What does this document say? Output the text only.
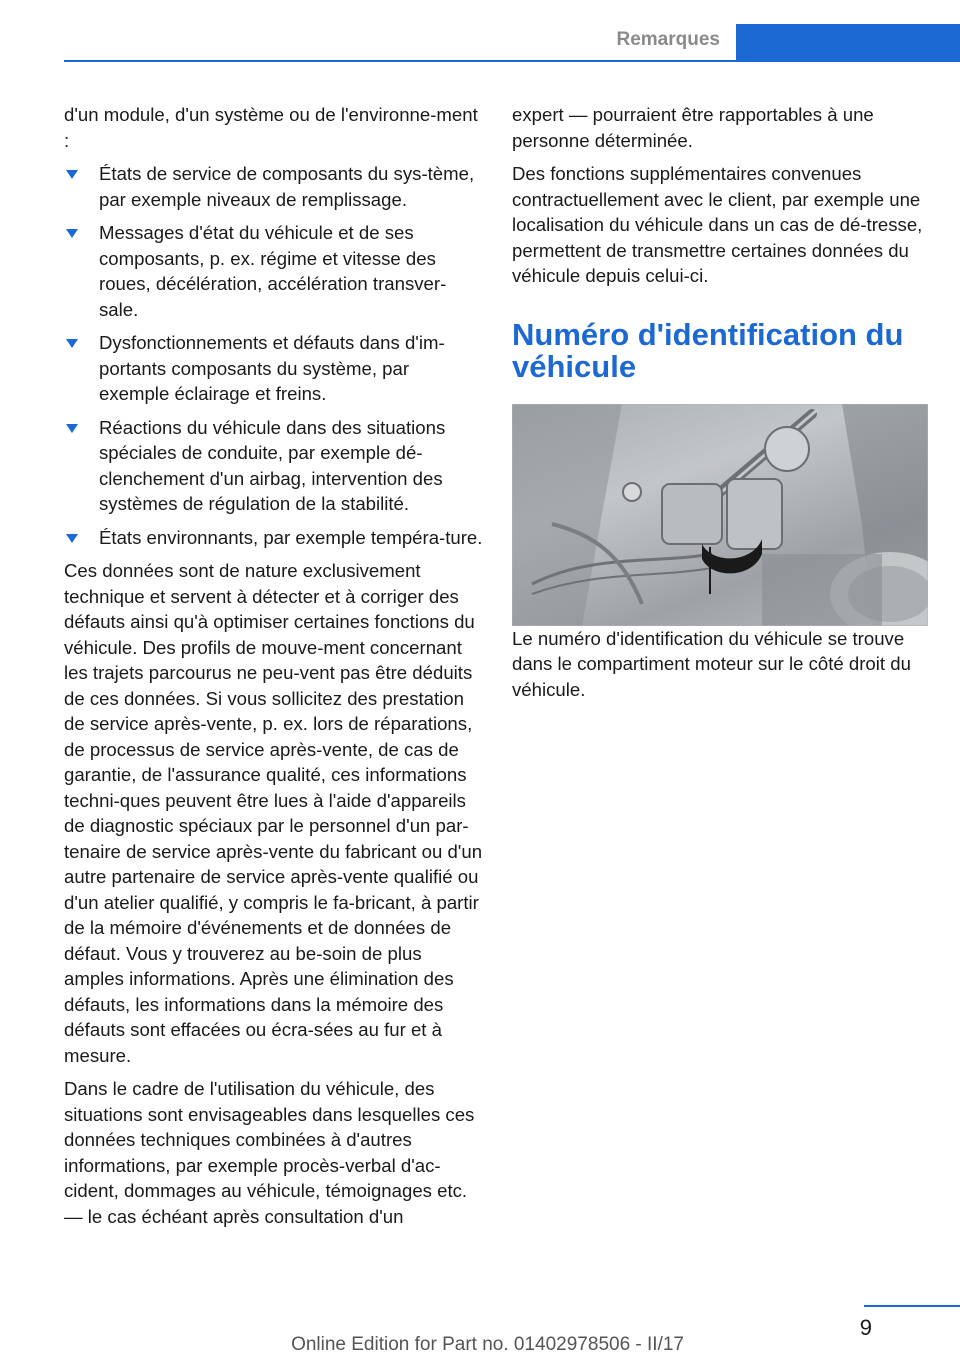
Remarques

d'un module, d'un système ou de l'environne-ment :

États de service de composants du sys-tème, par exemple niveaux de remplissage.
Messages d'état du véhicule et de ses composants, p. ex. régime et vitesse des roues, décélération, accélération transver-sale.
Dysfonctionnements et défauts dans d'im-portants composants du système, par exemple éclairage et freins.
Réactions du véhicule dans des situations spéciales de conduite, par exemple dé-clenchement d'un airbag, intervention des systèmes de régulation de la stabilité.
États environnants, par exemple tempéra-ture.

Ces données sont de nature exclusivement technique et servent à détecter et à corriger des défauts ainsi qu'à optimiser certaines fonctions du véhicule. Des profils de mouve-ment concernant les trajets parcourus ne peu-vent pas être déduits de ces données. Si vous sollicitez des prestation de service après-vente, p. ex. lors de réparations, de processus de service après-vente, de cas de garantie, de l'assurance qualité, ces informations techni-ques peuvent être lues à l'aide d'appareils de diagnostic spéciaux par le personnel d'un par-tenaire de service après-vente du fabricant ou d'un autre partenaire de service après-vente qualifié ou d'un atelier qualifié, y compris le fa-bricant, à partir de la mémoire d'événements et de données de défaut. Vous y trouverez au be-soin de plus amples informations. Après une élimination des défauts, les informations dans la mémoire des défauts sont effacées ou écra-sées au fur et à mesure.

Dans le cadre de l'utilisation du véhicule, des situations sont envisageables dans lesquelles ces données techniques combinées à d'autres informations, par exemple procès-verbal d'ac-cident, dommages au véhicule, témoignages etc. — le cas échéant après consultation d'un

expert — pourraient être rapportables à une personne déterminée.

Des fonctions supplémentaires convenues contractuellement avec le client, par exemple une localisation du véhicule dans un cas de dé-tresse, permettent de transmettre certaines données du véhicule depuis celui-ci.

Numéro d'identification du véhicule

Le numéro d'identification du véhicule se trouve dans le compartiment moteur sur le côté droit du véhicule.

9
Online Edition for Part no. 01402978506 - II/17
